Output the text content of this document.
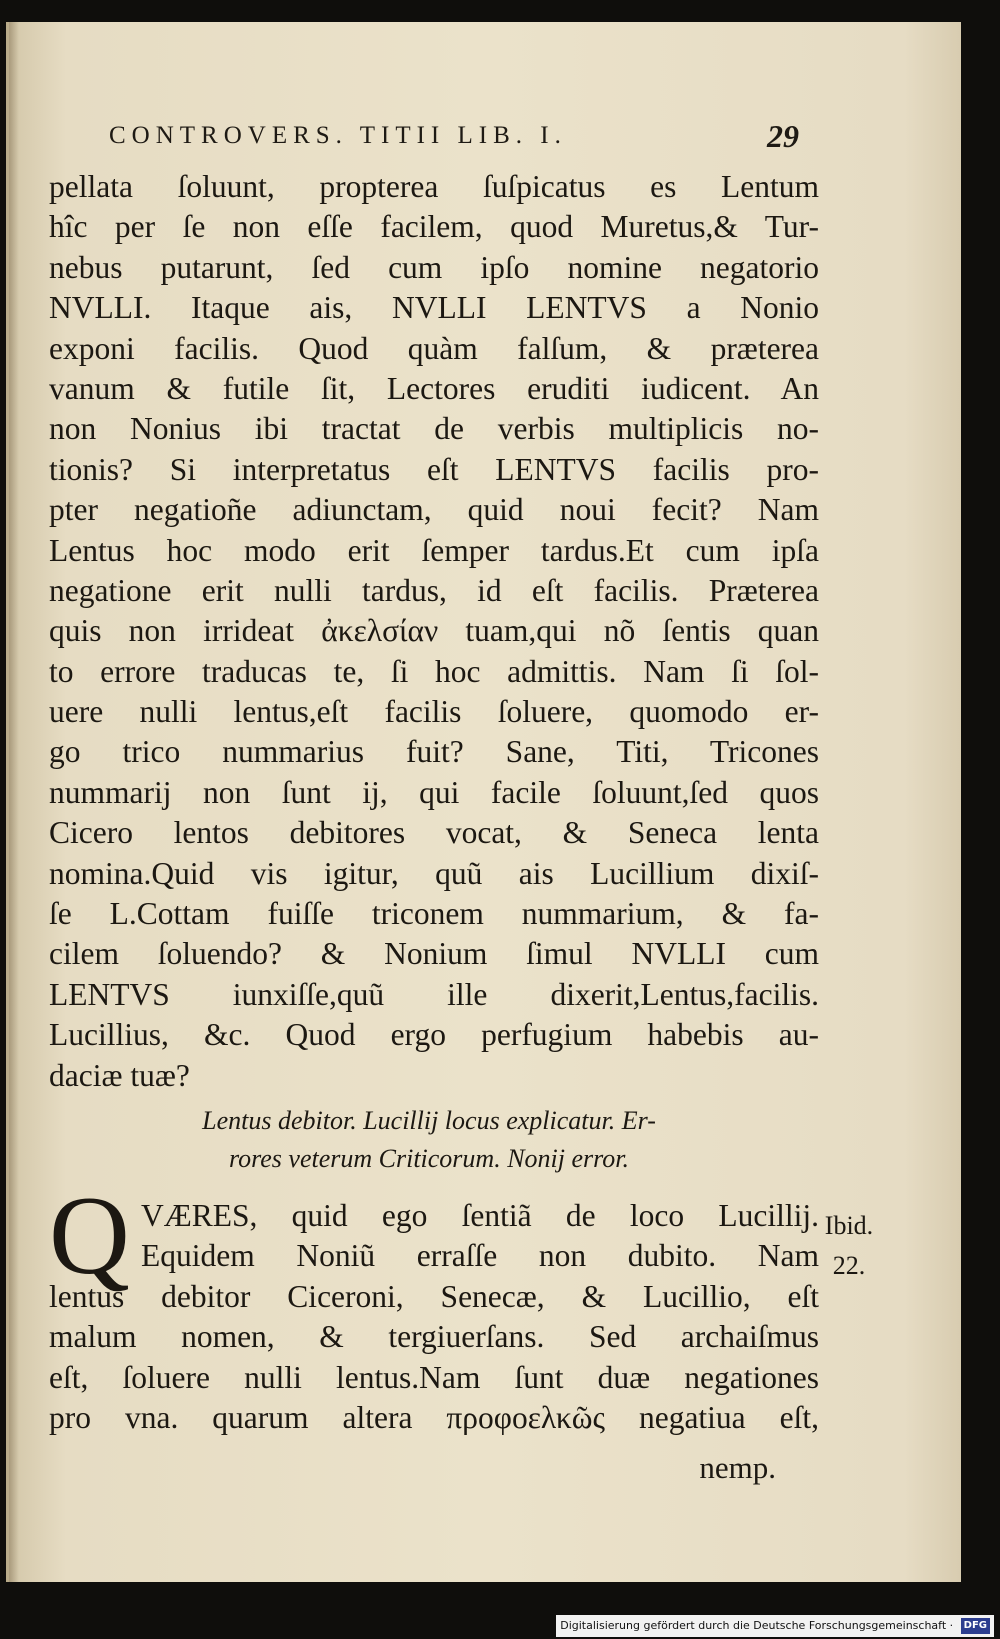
CONTROVERS. TITII LIB. I.	29
pellata ſoluunt, propterea ſuſpicatus es Lentum
hîc per ſe non eſſe facilem, quod Muretus,& Tur-
nebus putarunt, ſed cum ipſo nomine negatorio
NVLLI. Itaque ais, NVLLI LENTVS a Nonio
exponi facilis. Quod quàm falſum, & præterea
vanum & futile ſit, Lectores eruditi iudicent. An
non Nonius ibi tractat de verbis multiplicis no-
tionis? Si interpretatus eſt LENTVS facilis pro-
pter negatioñe adiunctam, quid noui fecit? Nam
Lentus hoc modo erit ſemper tardus.Et cum ipſa
negatione erit nulli tardus, id eſt facilis. Præterea
quis non irrideat ἀκελσίαν tuam,qui nõ ſentis quan
to errore traducas te, ſi hoc admittis. Nam ſi ſol-
uere nulli lentus,eſt facilis ſoluere, quomodo er-
go trico nummarius fuit? Sane, Titi, Tricones
nummarij non ſunt ij, qui facile ſoluunt,ſed quos
Cicero lentos debitores vocat, & Seneca lenta
nomina.Quid vis igitur, quũ ais Lucillium dixiſ-
ſe L.Cottam fuiſſe triconem nummarium, & fa-
cilem ſoluendo? & Nonium ſimul NVLLI cum
LENTVS iunxiſſe,quũ ille dixerit,Lentus,facilis.
Lucillius, &c. Quod ergo perfugium habebis au-
daciæ tuæ?
Lentus debitor. Lucillij locus explicatur. Er-
rores veterum Criticorum. Nonij error.
Q VÆRES, quid ego ſentiã de loco Lucillij.
Equidem Noniũ erraſſe non dubito. Nam
lentus debitor Ciceroni, Senecæ, & Lucillio, eſt
malum nomen, & tergiuerſans. Sed archaiſmus
eſt, ſoluere nulli lentus.Nam ſunt duæ negationes
pro vna. quarum altera προφοελκῶς negatiua eſt,
Ibid.
22.
nemp.
Digitalisierung gefördert durch die Deutsche Forschungsgemeinschaft · DFG
